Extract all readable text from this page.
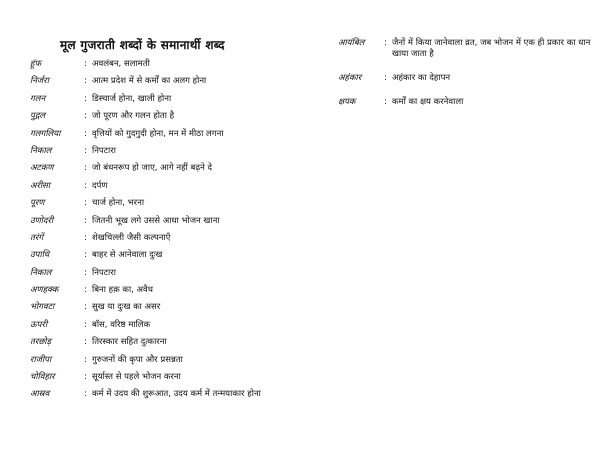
मूल गुजराती शब्दों के समानार्थी शब्द
हूंफ	: अवलंबन, सलामती
निर्जरा	: आत्म प्रदेश में से कर्मों का अलग होना
गलन	: डिस्चार्ज होना, खाली होना
पुद्गल	: जो पूरण और गलन होता है
गलगलिया	: वृत्तियों को गुदगुदी होना, मन में मीठा लगना
निकाल	: निपटारा
अटकण	: जो बंधनरूप हो जाए, आगे नहीं बढ़ने दे
अरीसा	: दर्पण
पूरण	: चार्ज होना, भरना
उणोदरी	: जितनी भूख लगे उससे आधा भोजन खाना
तरंगें	: शेखचिल्ली जैसी कल्पनाएँ
उपाधि	: बाहर से आनेवाला दुःख
निकाल	: निपटारा
अणहक्क	: बिना हक़ का, अवैध
भोगवटा	: सुख या दुःख का असर
ऊपरी	: बॉस, वरिष्ठ मालिक
तरछोड़	: तिरस्कार सहित दुत्कारना
राजीपा	: गुरुजनों की कृपा और प्रसन्नता
चोविहार	: सूर्यास्त से पहले भोजन करना
आस्रव	: कर्म में उदय की शुरूआत, उदय कर्म में तन्मयाकार होना
आयंबिल	: जैनों में किया जानेवाला व्रत, जब भोजन में एक ही प्रकार का धान खाया जाता है
अहंकार	: अहंकार का देहापन
क्षपक	: कर्मों का क्षय करनेवाला
